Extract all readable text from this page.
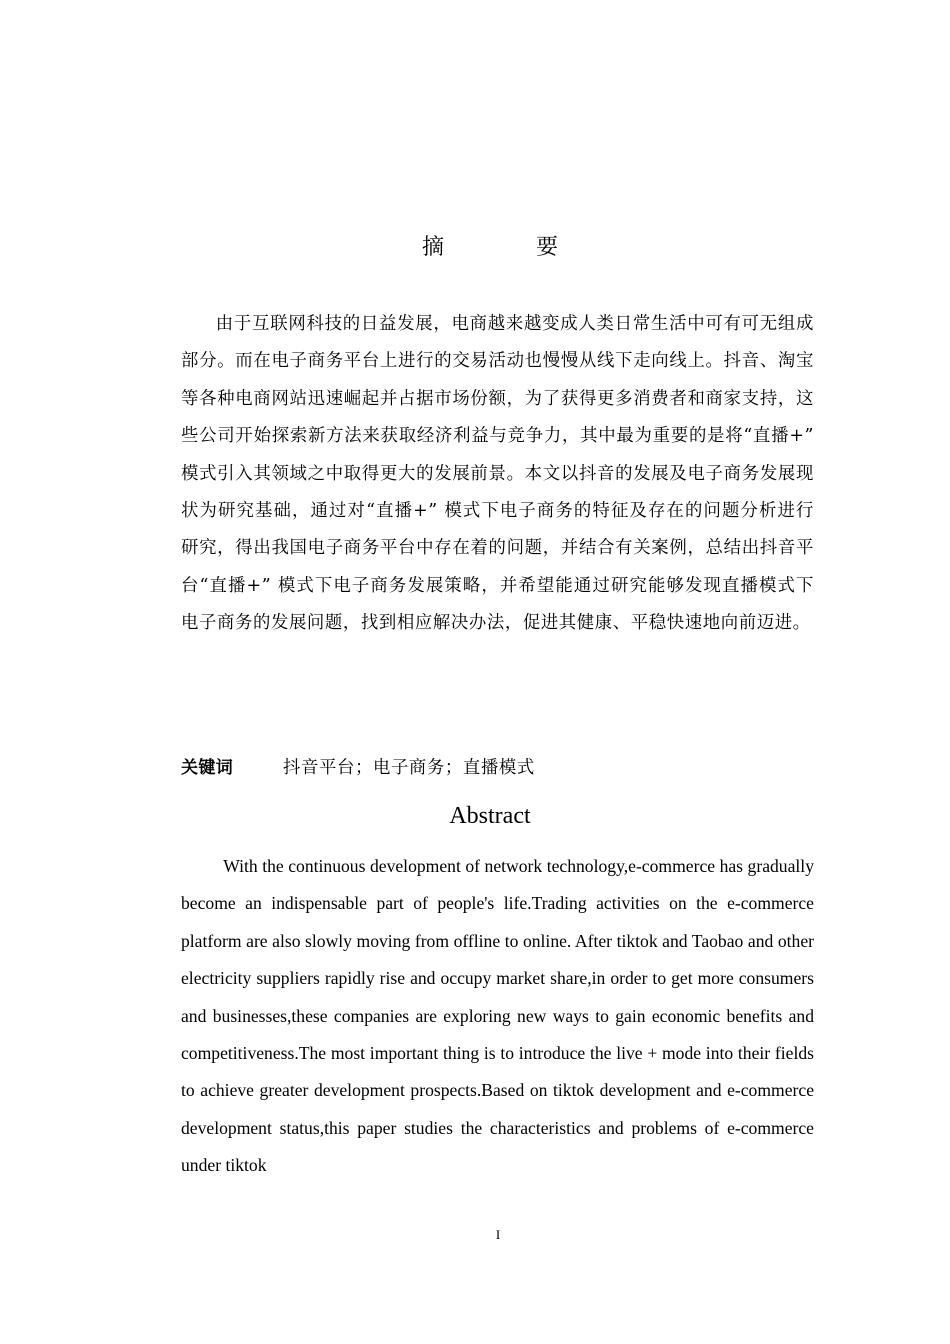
摘	要

由于互联网科技的日益发展，电商越来越变成人类日常生活中可有可无组成部分。而在电子商务平台上进行的交易活动也慢慢从线下走向线上。抖音、淘宝等各种电商网站迅速崛起并占据市场份额，为了获得更多消费者和商家支持，这些公司开始探索新方法来获取经济利益与竞争力，其中最为重要的是将“直播+” 模式引入其领域之中取得更大的发展前景。本文以抖音的发展及电子商务发展现状为研究基础，通过对“直播+” 模式下电子商务的特征及存在的问题分析进行研究，得出我国电子商务平台中存在着的问题，并结合有关案例，总结出抖音平台“直播+” 模式下电子商务发展策略，并希望能通过研究能够发现直播模式下电子商务的发展问题，找到相应解决办法，促进其健康、平稳快速地向前迈进。

关键词	抖音平台；电子商务；直播模式
Abstract

With the continuous development of network technology,e-commerce has gradually become an indispensable part of people's life.Trading activities on the e-commerce platform are also slowly moving from offline to online. After tiktok and Taobao and other electricity suppliers rapidly rise and occupy market share,in order to get more consumers and businesses,these companies are exploring new ways to gain economic benefits and competitiveness.The most important thing is to introduce the live + mode into their fields to achieve greater development prospects.Based on tiktok development and e-commerce development status,this paper studies the characteristics and problems of e-commerce under tiktok

I
